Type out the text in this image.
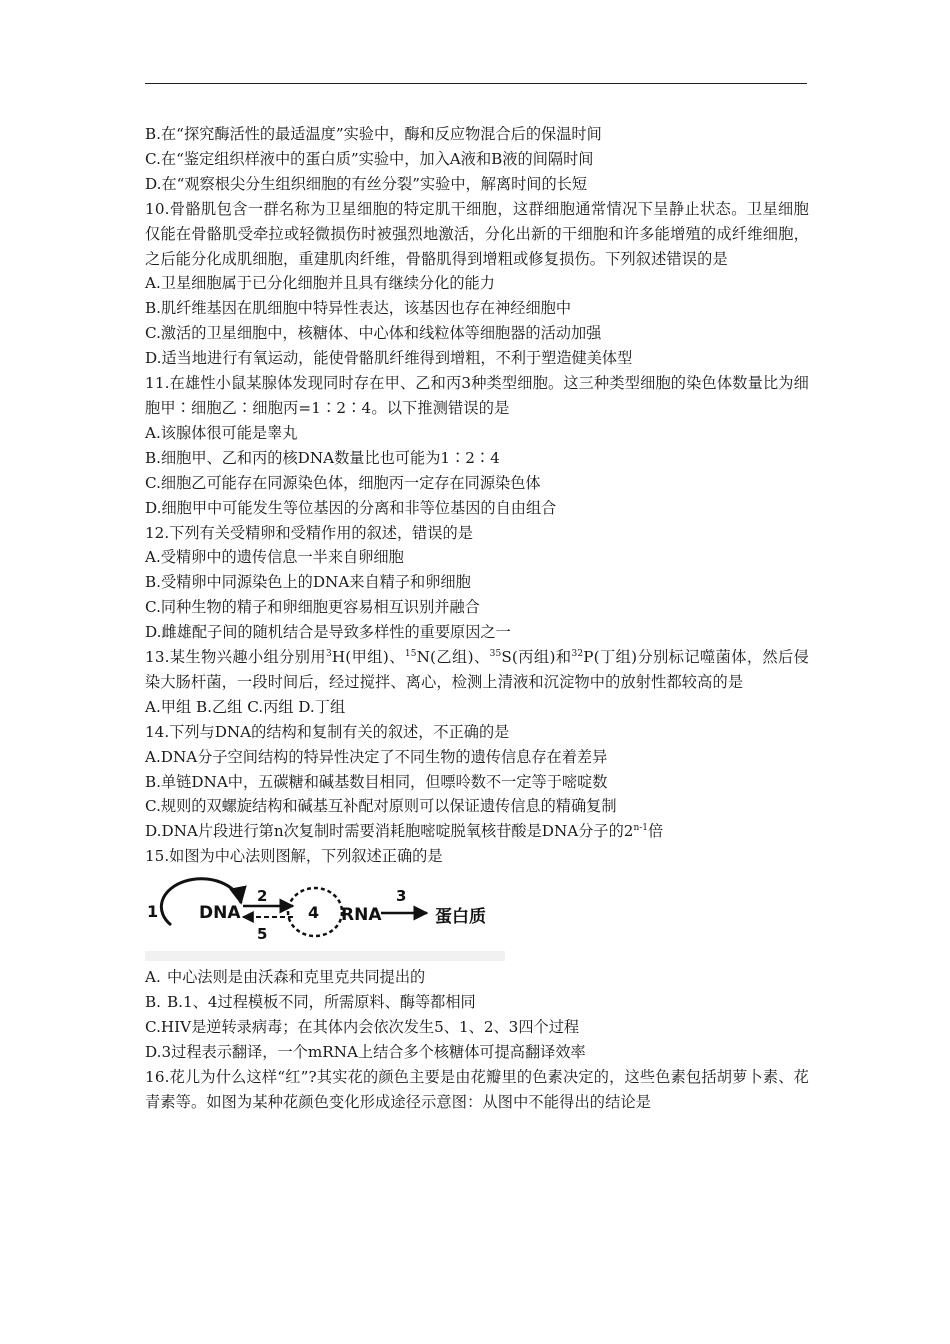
B.在“探究酶活性的最适温度”实验中，酶和反应物混合后的保温时间
C.在“鉴定组织样液中的蛋白质”实验中，加入A液和B液的间隔时间
D.在“观察根尖分生组织细胞的有丝分裂”实验中，解离时间的长短
10.骨骼肌包含一群名称为卫星细胞的特定肌干细胞，这群细胞通常情况下呈静止状态。卫星细胞仅能在骨骼肌受牵拉或轻微损伤时被强烈地激活，分化出新的干细胞和许多能增殖的成纤维细胞，之后能分化成肌细胞，重建肌肉纤维，骨骼肌得到增粗或修复损伤。下列叙述错误的是
A.卫星细胞属于已分化细胞并且具有继续分化的能力
B.肌纤维基因在肌细胞中特异性表达，该基因也存在神经细胞中
C.激活的卫星细胞中，核糖体、中心体和线粒体等细胞器的活动加强
D.适当地进行有氧运动，能使骨骼肌纤维得到增粗，不利于塑造健美体型
11.在雄性小鼠某腺体发现同时存在甲、乙和丙3种类型细胞。这三种类型细胞的染色体数量比为细胞甲∶细胞乙∶细胞丙=1∶2∶4。以下推测错误的是
A.该腺体很可能是睾丸
B.细胞甲、乙和丙的核DNA数量比也可能为1∶2∶4
C.细胞乙可能存在同源染色体，细胞丙一定存在同源染色体
D.细胞甲中可能发生等位基因的分离和非等位基因的自由组合
12.下列有关受精卵和受精作用的叙述，错误的是
A.受精卵中的遗传信息一半来自卵细胞
B.受精卵中同源染色上的DNA来自精子和卵细胞
C.同种生物的精子和卵细胞更容易相互识别并融合
D.雌雄配子间的随机结合是导致多样性的重要原因之一
13.某生物兴趣小组分别用$^3$H(甲组)、$^{15}$N(乙组)、$^{35}$S(丙组)和$^{32}$P(丁组)分别标记噬菌体，然后侵染大肠杆菌，一段时间后，经过搅拌、离心，检测上清液和沉淀物中的放射性都较高的是
A.甲组 B.乙组 C.丙组 D.丁组
14.下列与DNA的结构和复制有关的叙述，不正确的是
A.DNA分子空间结构的特异性决定了不同生物的遗传信息存在着差异
B.单链DNA中，五碳糖和碱基数目相同，但嘌呤数不一定等于嘧啶数
C.规则的双螺旋结构和碱基互补配对原则可以保证遗传信息的精确复制
D.DNA片段进行第n次复制时需要消耗胞嘧啶脱氧核苷酸是DNA分子的2$^{n-1}$倍
15.如图为中心法则图解，下列叙述正确的是
1 DNA
2
5
4 RNA
3
蛋白质
A. 中心法则是由沃森和克里克共同提出的
B. B.1、4过程模板不同，所需原料、酶等都相同
C.HIV是逆转录病毒；在其体内会依次发生5、1、2、3四个过程
D.3过程表示翻译，一个mRNA上结合多个核糖体可提高翻译效率
16.花儿为什么这样“红”?其实花的颜色主要是由花瓣里的色素决定的，这些色素包括胡萝卜素、花青素等。如图为某种花颜色变化形成途径示意图：从图中不能得出的结论是
